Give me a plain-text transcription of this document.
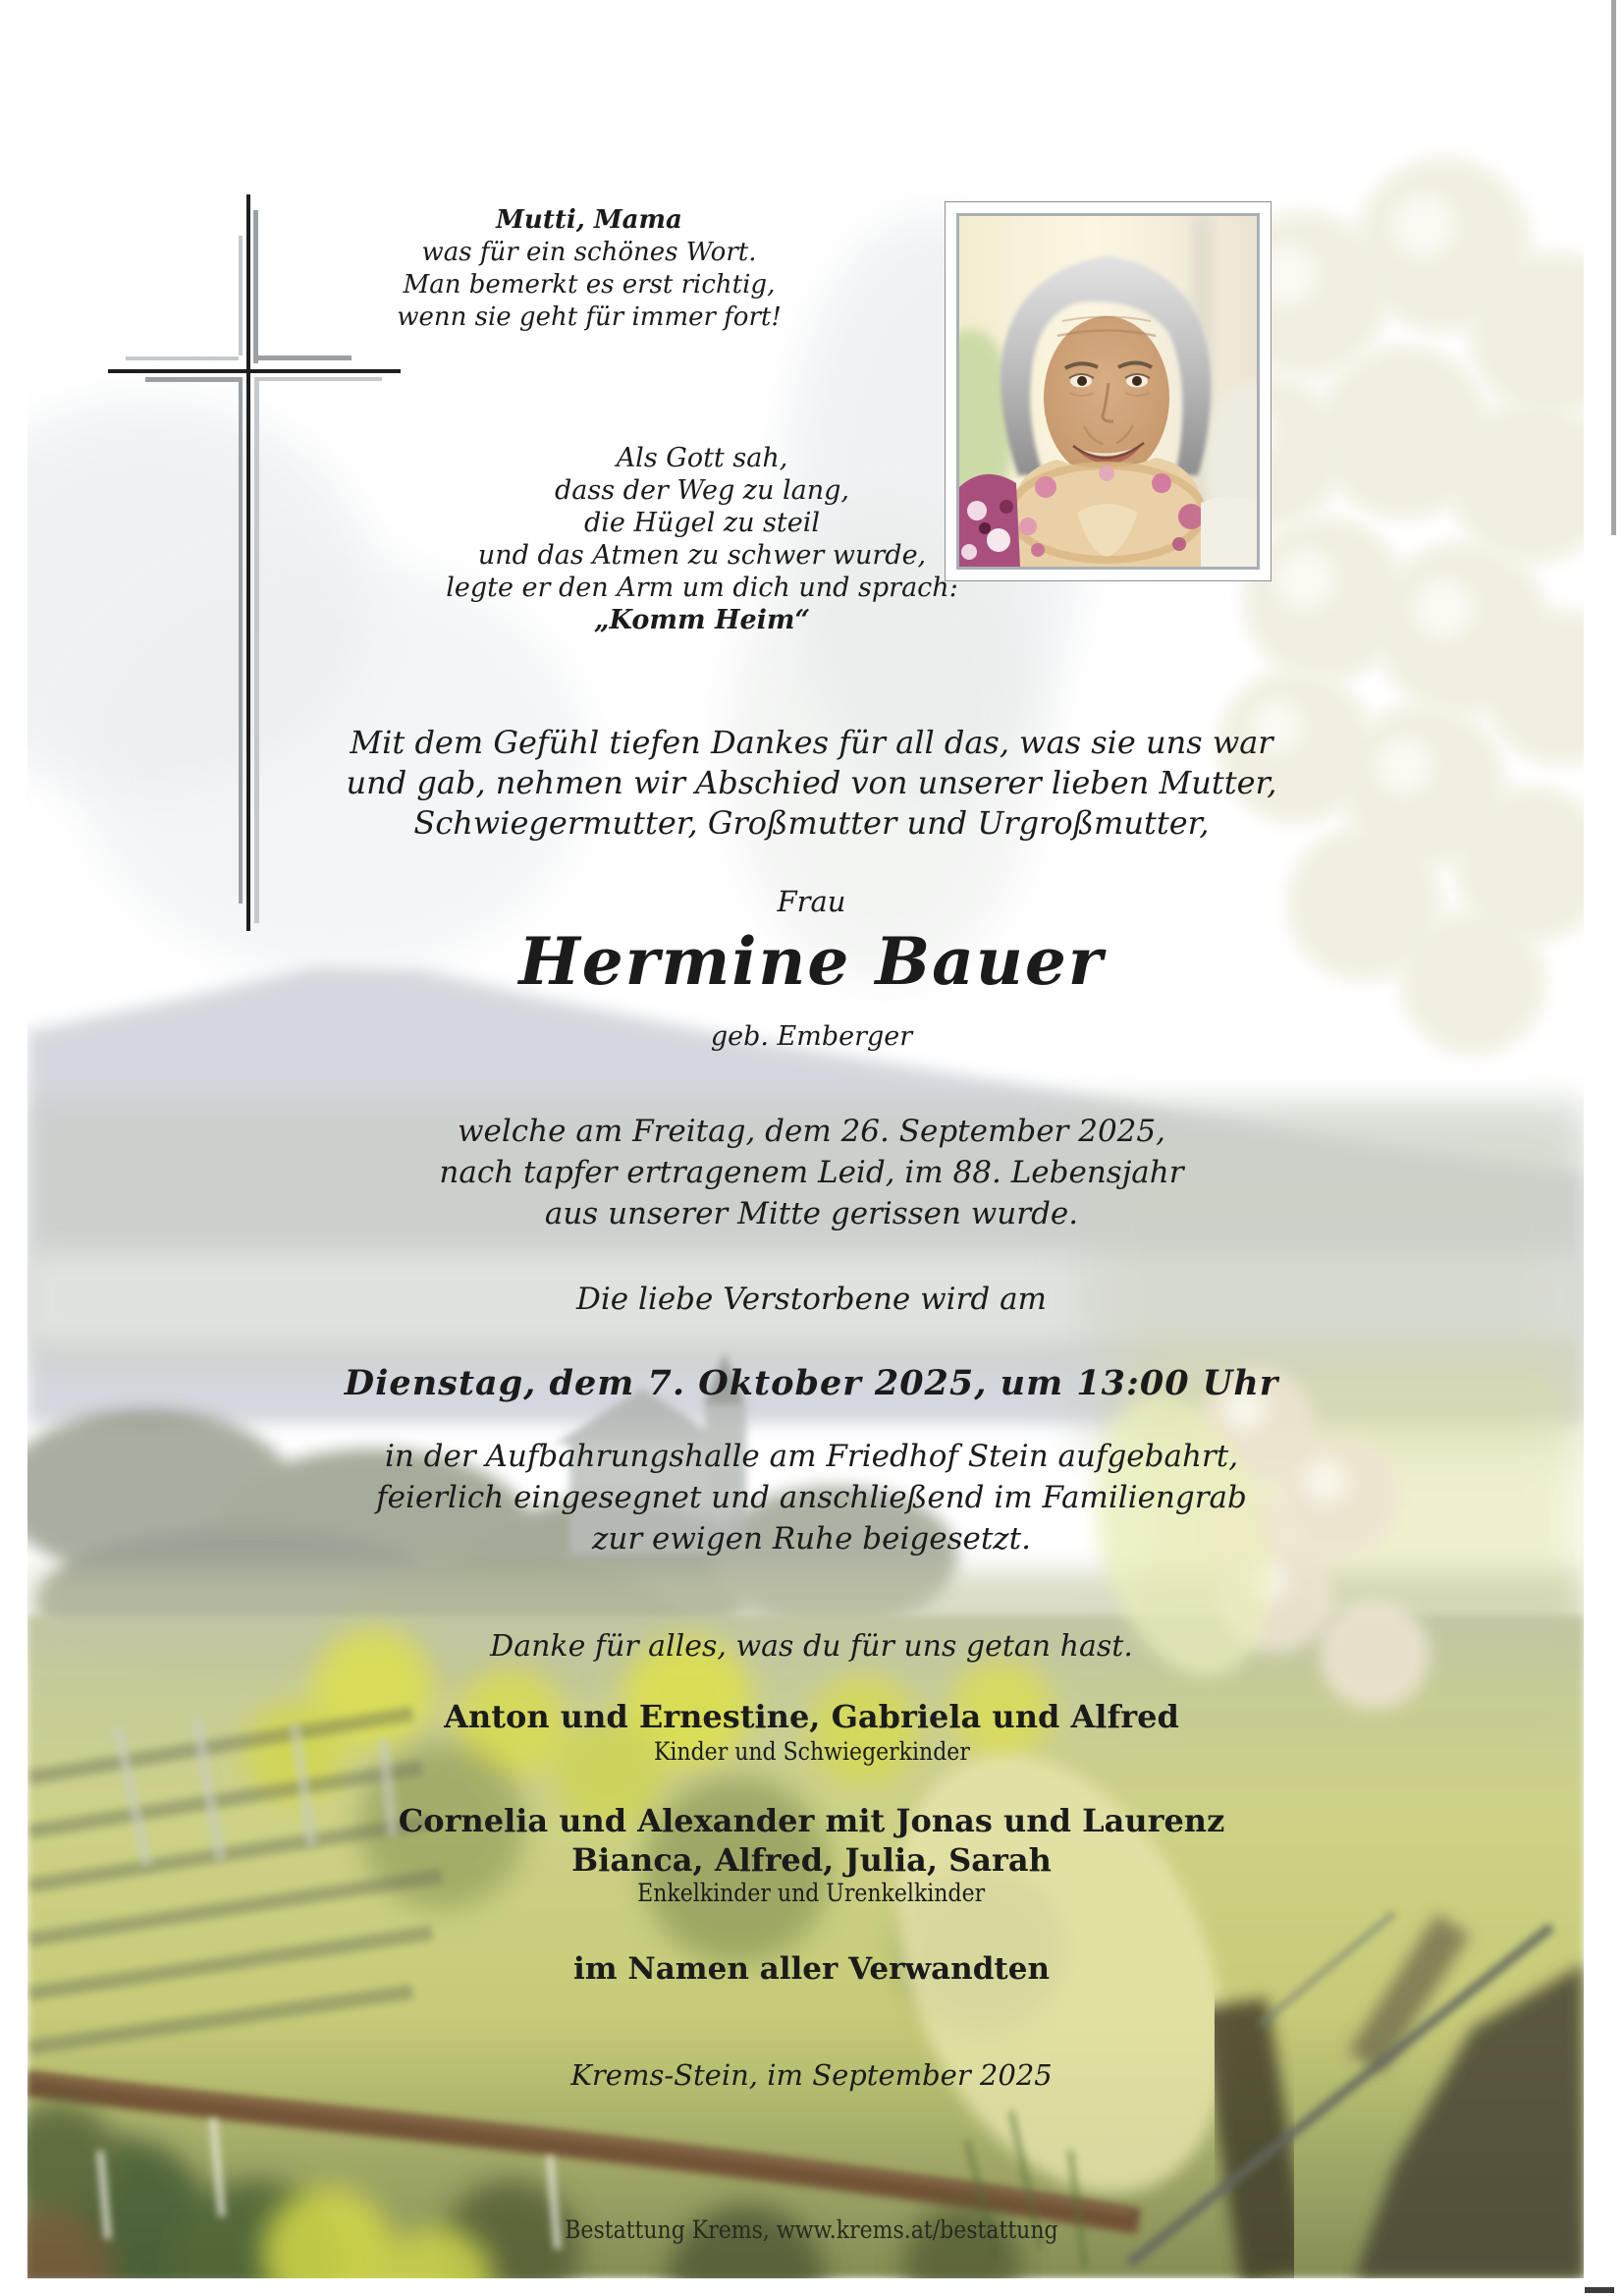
Mutti, Mama
was für ein schönes Wort.
Man bemerkt es erst richtig,
wenn sie geht für immer fort!
Als Gott sah,
dass der Weg zu lang,
die Hügel zu steil
und das Atmen zu schwer wurde,
legte er den Arm um dich und sprach:
„Komm Heim“
Mit dem Gefühl tiefen Dankes für all das, was sie uns war
und gab, nehmen wir Abschied von unserer lieben Mutter,
Schwiegermutter, Großmutter und Urgroßmutter,
Frau
Hermine Bauer
geb. Emberger
welche am Freitag, dem 26. September 2025,
nach tapfer ertragenem Leid, im 88. Lebensjahr
aus unserer Mitte gerissen wurde.
Die liebe Verstorbene wird am
Dienstag, dem 7. Oktober 2025, um 13:00 Uhr
in der Aufbahrungshalle am Friedhof Stein aufgebahrt,
feierlich eingesegnet und anschließend im Familiengrab
zur ewigen Ruhe beigesetzt.
Danke für alles, was du für uns getan hast.
Anton und Ernestine, Gabriela und Alfred
Kinder und Schwiegerkinder
Cornelia und Alexander mit Jonas und Laurenz
Bianca, Alfred, Julia, Sarah
Enkelkinder und Urenkelkinder
im Namen aller Verwandten
Krems-Stein, im September 2025
Bestattung Krems, www.krems.at/bestattung
